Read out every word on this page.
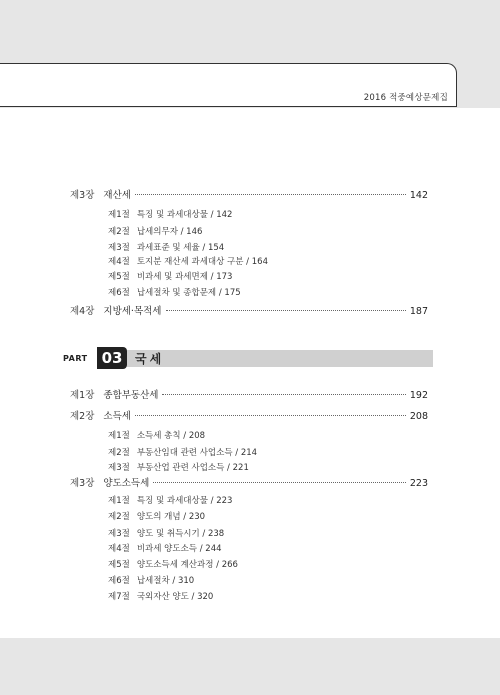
2016 적중예상문제집
제3장 재산세	142
제1절 특징 및 과세대상물 / 142
제2절 납세의무자 / 146
제3절 과세표준 및 세율 / 154
제4절 토지분 재산세 과세대상 구분 / 164
제5절 비과세 및 과세면제 / 173
제6절 납세절차 및 종합문제 / 175
제4장 지방세·목적세	187
PART 03	국세
제1장 종합부동산세	192
제2장 소득세	208
제1절 소득세 총칙 / 208
제2절 부동산임대 관련 사업소득 / 214
제3절 부동산업 관련 사업소득 / 221
제3장 양도소득세	223
제1절 특징 및 과세대상물 / 223
제2절 양도의 개념 / 230
제3절 양도 및 취득시기 / 238
제4절 비과세 양도소득 / 244
제5절 양도소득세 계산과정 / 266
제6절 납세절차 / 310
제7절 국외자산 양도 / 320
